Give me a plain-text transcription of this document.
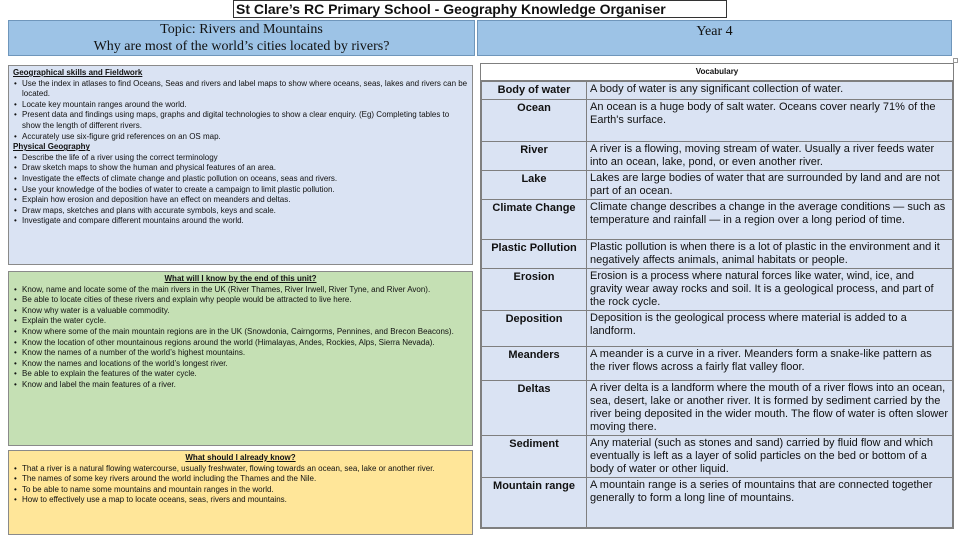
St Clare’s RC Primary School - Geography Knowledge Organiser
Topic: Rivers and Mountains
Why are most of the world’s cities located by rivers?
Year 4
Geographical skills and Fieldwork
• Use the index in atlases to find Oceans, Seas and rivers and label maps to show where oceans, seas, lakes and rivers can be located.
• Locate key mountain ranges around the world.
• Present data and findings using maps, graphs and digital technologies to show a clear enquiry. (Eg) Completing tables to show the length of different rivers.
• Accurately use six-figure grid references on an OS map.
Physical Geography
• Describe the life of a river using the correct terminology
• Draw sketch maps to show the human and physical features of an area.
• Investigate the effects of climate change and plastic pollution on oceans, seas and rivers.
• Use your knowledge of the bodies of water to create a campaign to limit plastic pollution.
• Explain how erosion and deposition have an effect on meanders and deltas.
• Draw maps, sketches and plans with accurate symbols, keys and scale.
• Investigate and compare different mountains around the world.
What will I know by the end of this unit?
• Know, name and locate some of the main rivers in the UK (River Thames, River Irwell, River Tyne, and River Avon).
• Be able to locate cities of these rivers and explain why people would be attracted to live here.
• Know why water is a valuable commodity.
• Explain the water cycle.
• Know where some of the main mountain regions are in the UK (Snowdonia, Cairngorms, Pennines, and Brecon Beacons).
• Know the location of other mountainous regions around the world (Himalayas, Andes, Rockies, Alps, Sierra Nevada).
• Know the names of a number of the world’s highest mountains.
• Know the names and locations of the world’s longest river.
• Be able to explain the features of the water cycle.
• Know and label the main features of a river.
What should I already know?
• That a river is a natural flowing watercourse, usually freshwater, flowing towards an ocean, sea, lake or another river.
• The names of some key rivers around the world including the Thames and the Nile.
• To be able to name some mountains and mountain ranges in the world.
• How to effectively use a map to locate oceans, seas, rivers and mountains.
Vocabulary
Body of water	A body of water is any significant collection of water.
Ocean	An ocean is a huge body of salt water. Oceans cover nearly 71% of the Earth's surface.
River	A river is a flowing, moving stream of water. Usually a river feeds water into an ocean, lake, pond, or even another river.
Lake	Lakes are large bodies of water that are surrounded by land and are not part of an ocean.
Climate Change	Climate change describes a change in the average conditions — such as temperature and rainfall — in a region over a long period of time.
Plastic Pollution	Plastic pollution is when there is a lot of plastic in the environment and it negatively affects animals, animal habitats or people.
Erosion	Erosion is a process where natural forces like water, wind, ice, and gravity wear away rocks and soil. It is a geological process, and part of the rock cycle.
Deposition	Deposition is the geological process where material is added to a landform.
Meanders	A meander is a curve in a river. Meanders form a snake-like pattern as the river flows across a fairly flat valley floor.
Deltas	A river delta is a landform where the mouth of a river flows into an ocean, sea, desert, lake or another river. It is formed by sediment carried by the river being deposited in the wider mouth. The flow of water is often slower moving there.
Sediment	Any material (such as stones and sand) carried by fluid flow and which eventually is left as a layer of solid particles on the bed or bottom of a body of water or other liquid.
Mountain range	A mountain range is a series of mountains that are connected together generally to form a long line of mountains.
